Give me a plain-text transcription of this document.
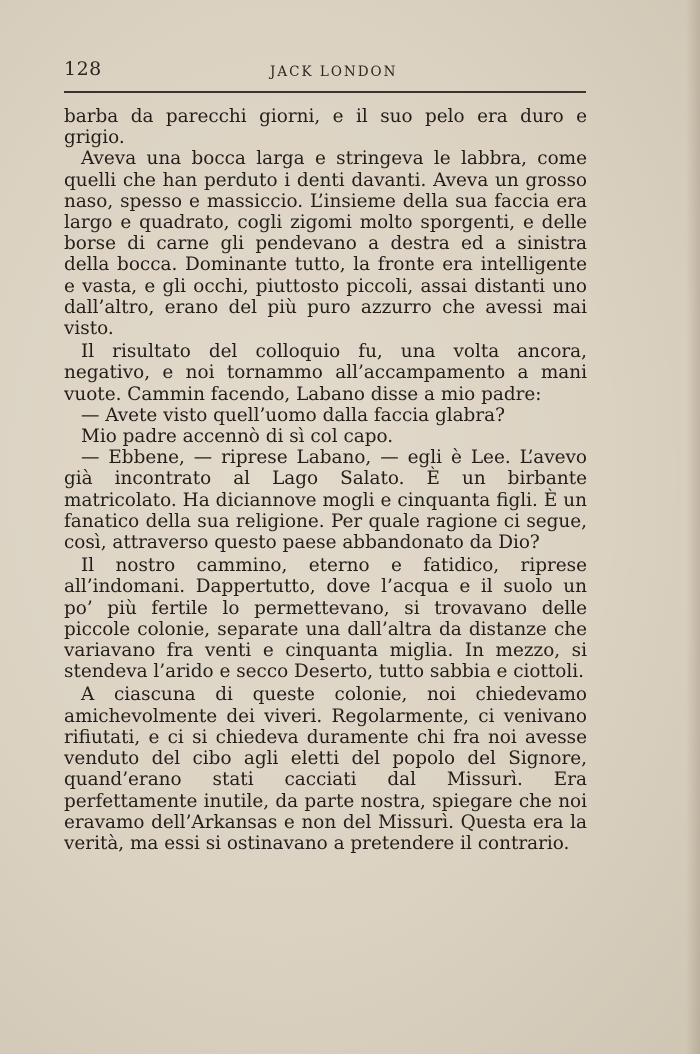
128	JACK LONDON

barba da parecchi giorni, e il suo pelo era duro e grigio.

Aveva una bocca larga e stringeva le labbra, come quelli che han perduto i denti davanti. Aveva un grosso naso, spesso e massiccio. L’insieme della sua faccia era largo e quadrato, cogli zigomi molto sporgenti, e delle borse di carne gli pendevano a destra ed a sinistra della bocca. Dominante tutto, la fronte era intelligente e vasta, e gli occhi, piuttosto piccoli, assai distanti uno dall’altro, erano del più puro azzurro che avessi mai visto.

Il risultato del colloquio fu, una volta ancora, negativo, e noi tornammo all’accampamento a mani vuote. Cammin facendo, Labano disse a mio padre:

— Avete visto quell’uomo dalla faccia glabra?

Mio padre accennò di sì col capo.

— Ebbene, — riprese Labano, — egli è Lee. L’avevo già incontrato al Lago Salato. È un birbante matricolato. Ha diciannove mogli e cinquanta figli. È un fanatico della sua religione. Per quale ragione ci segue, così, attraverso questo paese abbandonato da Dio?

Il nostro cammino, eterno e fatidico, riprese all’indomani. Dappertutto, dove l’acqua e il suolo un po’ più fertile lo permettevano, si trovavano delle piccole colonie, separate una dall’altra da distanze che variavano fra venti e cinquanta miglia. In mezzo, si stendeva l’arido e secco Deserto, tutto sabbia e ciottoli.

A ciascuna di queste colonie, noi chiedevamo amichevolmente dei viveri. Regolarmente, ci venivano rifiutati, e ci si chiedeva duramente chi fra noi avesse venduto del cibo agli eletti del popolo del Signore, quand’erano stati cacciati dal Missurì. Era perfettamente inutile, da parte nostra, spiegare che noi eravamo dell’Arkansas e non del Missurì. Questa era la verità, ma essi si ostinavano a pretendere il contrario.
